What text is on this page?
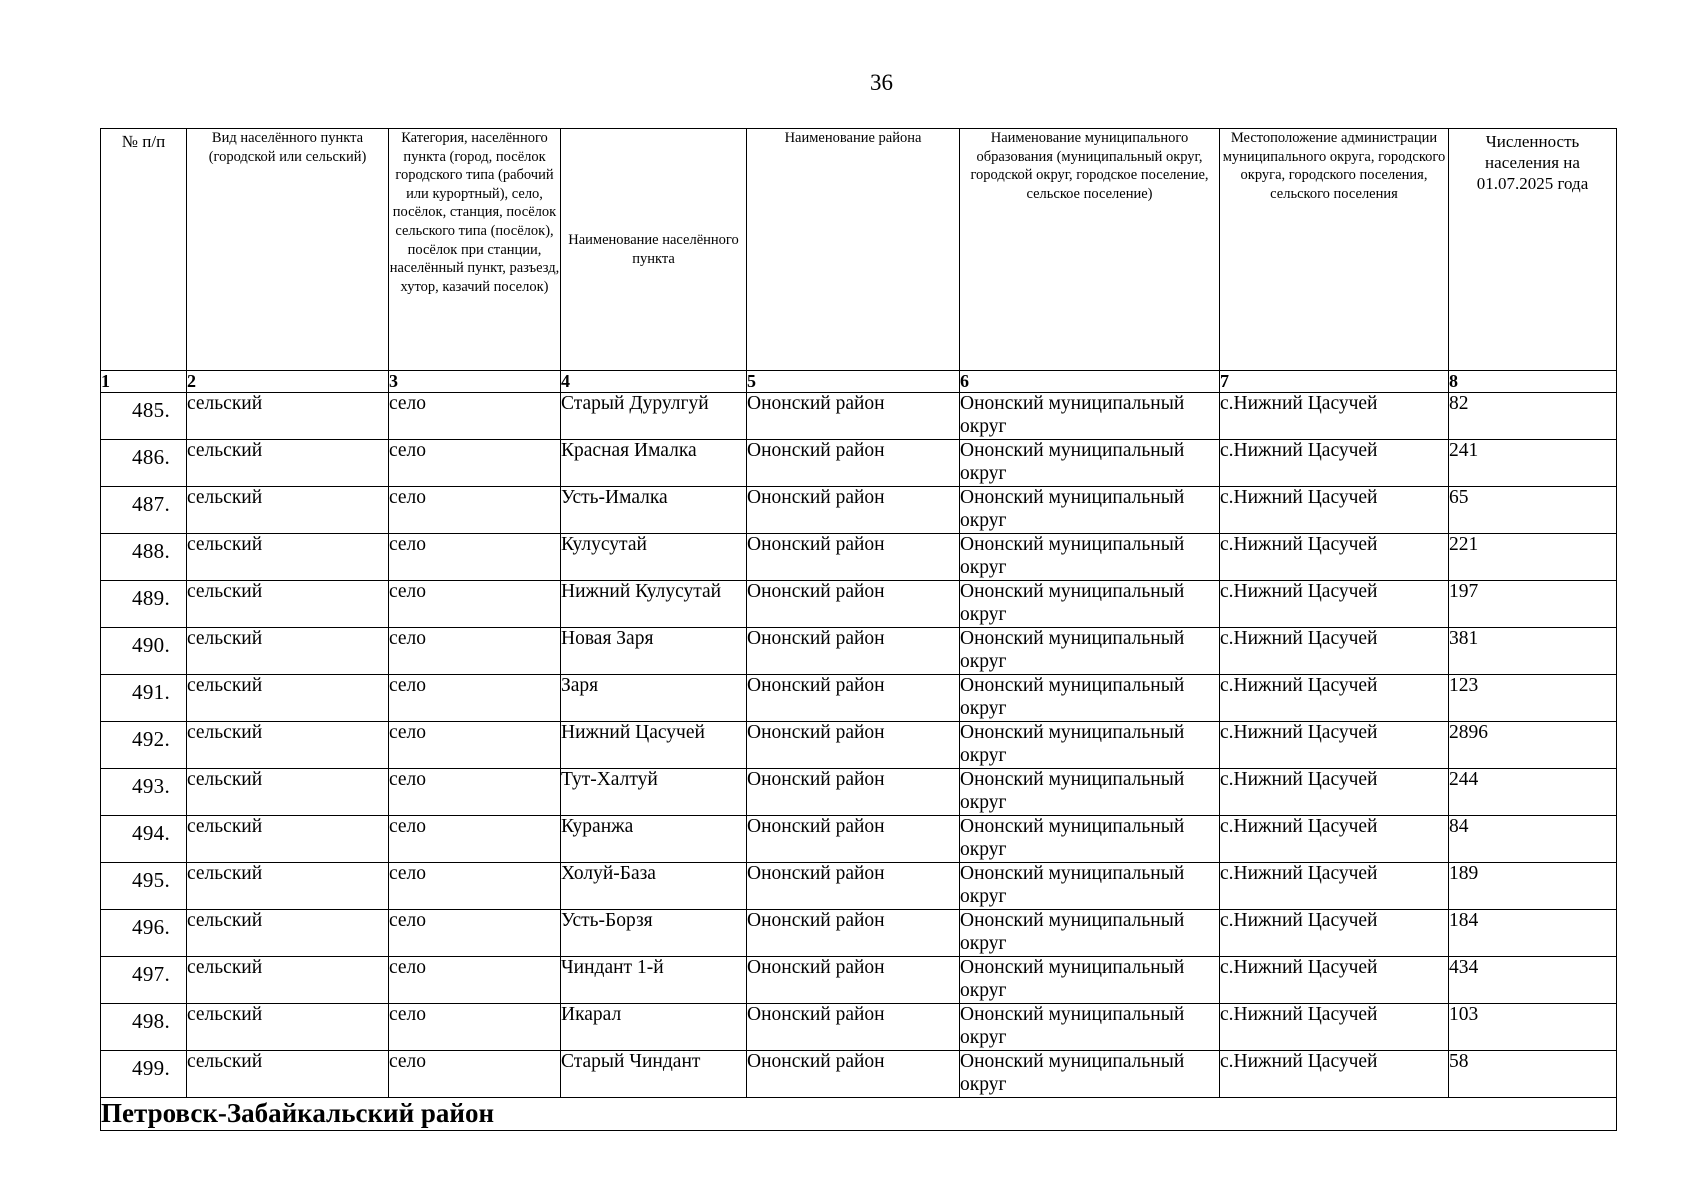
36
№ п/п	Вид населённого пункта (городской или сельский)	Категория, населённого пункта (город, посёлок городского типа (рабочий или курортный), село, посёлок, станция, посёлок сельского типа (посёлок), посёлок при станции, населённый пункт, разъезд, хутор, казачий поселок)	Наименование населённого пункта	Наименование района	Наименование муниципального образования (муниципальный округ, городской округ, городское поселение, сельское поселение)	Местоположение администрации муниципального округа, городского округа, городского поселения, сельского поселения	Численность населения на 01.07.2025 года
1	2	3	4	5	6	7	8
485.	сельский	село	Старый Дурулгуй	Ононский район	Ононский муниципальный округ	с.Нижний Цасучей	82
486.	сельский	село	Красная Ималка	Ононский район	Ононский муниципальный округ	с.Нижний Цасучей	241
487.	сельский	село	Усть-Ималка	Ононский район	Ононский муниципальный округ	с.Нижний Цасучей	65
488.	сельский	село	Кулусутай	Ононский район	Ононский муниципальный округ	с.Нижний Цасучей	221
489.	сельский	село	Нижний Кулусутай	Ононский район	Ононский муниципальный округ	с.Нижний Цасучей	197
490.	сельский	село	Новая Заря	Ононский район	Ононский муниципальный округ	с.Нижний Цасучей	381
491.	сельский	село	Заря	Ононский район	Ононский муниципальный округ	с.Нижний Цасучей	123
492.	сельский	село	Нижний Цасучей	Ононский район	Ононский муниципальный округ	с.Нижний Цасучей	2896
493.	сельский	село	Тут-Халтуй	Ононский район	Ононский муниципальный округ	с.Нижний Цасучей	244
494.	сельский	село	Куранжа	Ононский район	Ононский муниципальный округ	с.Нижний Цасучей	84
495.	сельский	село	Холуй-База	Ононский район	Ононский муниципальный округ	с.Нижний Цасучей	189
496.	сельский	село	Усть-Борзя	Ононский район	Ононский муниципальный округ	с.Нижний Цасучей	184
497.	сельский	село	Чиндант 1-й	Ононский район	Ононский муниципальный округ	с.Нижний Цасучей	434
498.	сельский	село	Икарал	Ононский район	Ононский муниципальный округ	с.Нижний Цасучей	103
499.	сельский	село	Старый Чиндант	Ононский район	Ононский муниципальный округ	с.Нижний Цасучей	58
Петровск-Забайкальский район							
